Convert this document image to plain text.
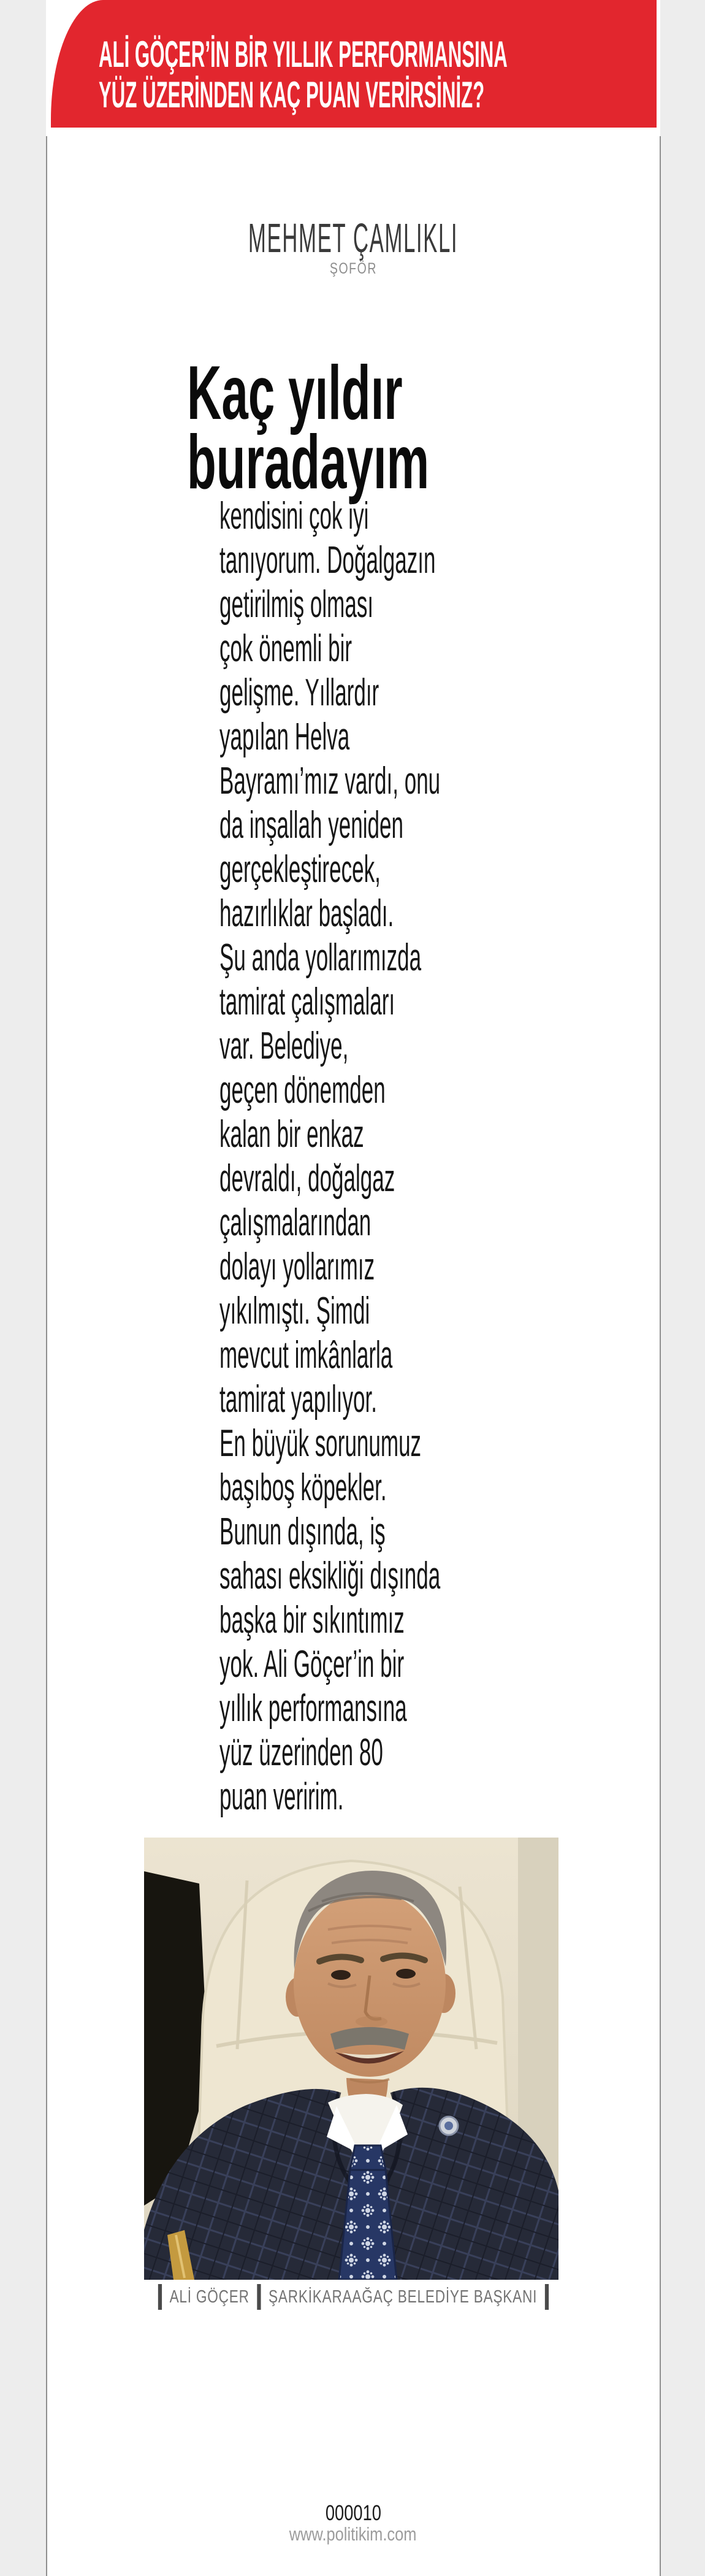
ALİ GÖÇER’İN BİR YILLIK PERFORMANSINA
YÜZ ÜZERİNDEN KAÇ PUAN VERİRSİNİZ?
MEHMET ÇAMLIKLI
ŞOFÖR
Kaç yıldır
buradayım
kendisini çok iyi
tanıyorum. Doğalgazın
getirilmiş olması
çok önemli bir
gelişme. Yıllardır
yapılan Helva
Bayramı’mız vardı, onu
da inşallah yeniden
gerçekleştirecek,
hazırlıklar başladı.
Şu anda yollarımızda
tamirat çalışmaları
var. Belediye,
geçen dönemden
kalan bir enkaz
devraldı, doğalgaz
çalışmalarından
dolayı yollarımız
yıkılmıştı. Şimdi
mevcut imkânlarla
tamirat yapılıyor.
En büyük sorunumuz
başıboş köpekler.
Bunun dışında, iş
sahası eksikliği dışında
başka bir sıkıntımız
yok. Ali Göçer’in bir
yıllık performansına
yüz üzerinden 80
puan veririm.
ALİ GÖÇER ŞARKİKARAAĞAÇ BELEDİYE BAŞKANI
000010
www.politikim.com
